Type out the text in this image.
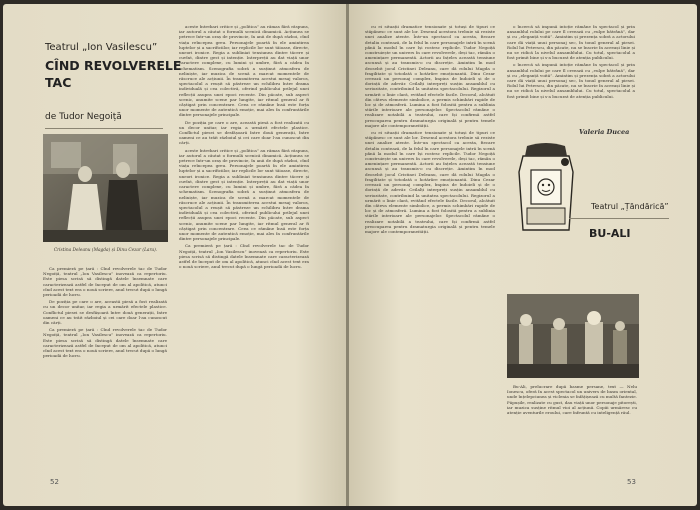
Teatrul „Ion Vasilescu”
CÎND REVOLVERELE
TAC
de Tudor Negoiță
Cristina Deleanu (Magda) și Dinu Cezar (Lara).

Ca premieră pe țară : Cînd revolverele tac de Tudor Negoiță, teatrul „Ion Vasilescu” inovează ca repertoriu. Este piesa scrisă să distingă datele însemnate care caracterizează astfel de început de om al apolitică, atunci cînd acest text era o nouă scriere, anul trecut după o lungă perioadă de lucru.

De poziția pe care o are, această piesă a fost realizată cu un decor unitar, iar regia a urmărit efectele plastice. Conflictul piesei se desfășoară între două generații, între oameni ce au trăit războiul și cei care doar l-au cunoscut din cărți.

Ca premieră pe țară : Cînd revolverele tac de Tudor Negoiță, teatrul „Ion Vasilescu” inovează ca repertoriu. Este piesa scrisă să distingă datele însemnate care caracterizează astfel de început de om al apolitică, atunci cînd acest text era o nouă scriere, anul trecut după o lungă perioadă de lucru.

aceste întrebari critice și „politica” au rămas fără răspuns, iar autorul a căutat o formulă scenică dinamică. Acțiunea se petrece într-un oraș de provincie, în anii de după război, cînd viața reîncepea greu. Personajele poartă în ele amintirea luptelor și a sacrificiilor, iar replicile lor sunt tăioase, directe, uneori ironice. Regia a subliniat tensiunea dintre tăcere și cuvînt, dintre gest și intenție. Interpreții au dat viață unor caractere complexe, cu lumini și umbre, fără a cădea în schematism. Scenografia sobră a susținut atmosfera de neliniște, iar muzica de scenă a marcat momentele de răscruce ale acțiunii. În transmiterea acestui mesaj valoros, spectacolul a reușit să păstreze un echilibru între drama individuală și cea colectivă, oferind publicului prilejul unei reflecții asupra unei epoci recente. Din păcate, sub aspect scenic, anumite scene par lungite, iar ritmul general ar fi câștigat prin concentrare. Ceea ce rămâne însă este forța unor momente de autentică emoție, mai ales în confruntările dintre personajele principale.

De poziția pe care o are, această piesă a fost realizată cu un decor unitar, iar regia a urmărit efectele plastice. Conflictul piesei se desfășoară între două generații, între oameni ce au trăit războiul și cei care doar l-au cunoscut din cărți.

aceste întrebari critice și „politica” au rămas fără răspuns, iar autorul a căutat o formulă scenică dinamică. Acțiunea se petrece într-un oraș de provincie, în anii de după război, cînd viața reîncepea greu. Personajele poartă în ele amintirea luptelor și a sacrificiilor, iar replicile lor sunt tăioase, directe, uneori ironice. Regia a subliniat tensiunea dintre tăcere și cuvînt, dintre gest și intenție. Interpreții au dat viață unor caractere complexe, cu lumini și umbre, fără a cădea în schematism. Scenografia sobră a susținut atmosfera de neliniște, iar muzica de scenă a marcat momentele de răscruce ale acțiunii. În transmiterea acestui mesaj valoros, spectacolul a reușit să păstreze un echilibru între drama individuală și cea colectivă, oferind publicului prilejul unei reflecții asupra unei epoci recente. Din păcate, sub aspect scenic, anumite scene par lungite, iar ritmul general ar fi câștigat prin concentrare. Ceea ce rămâne însă este forța unor momente de autentică emoție, mai ales în confruntările dintre personajele principale.

Ca premieră pe țară : Cînd revolverele tac de Tudor Negoiță, teatrul „Ion Vasilescu” inovează ca repertoriu. Este piesa scrisă să distingă datele însemnate care caracterizează astfel de început de om al apolitică, atunci cînd acest text era o nouă scriere, anul trecut după o lungă perioadă de lucru.

52

cu ei situații dramatice tensionate și totuși de tipuri ce stăpânesc ce sunt ale lor. Desenul acestora trebuie să reziste unei analize atente. Într-un spectacol ca acesta, fiecare detaliu contează, de la felul în care personajele intră în scenă până la modul în care își rostesc replicile. Tudor Negoiță construiește un univers în care revolverele, deși tac, rămân o amenințare permanentă. Actorii au înțeles această tensiune ascunsă și au transmis-o cu discreție. Amintim în mod deosebit jocul Cristinei Deleanu, care dă rolului Magda o fragilitate și totodată o hotărâre emoționantă. Dinu Cezar creează un personaj complex, împins de îndoieli și de o dorință de adevăr. Ceilalți interpreți susțin ansamblul cu seriozitate, contribuind la unitatea spectacolului. Regizorul a urmărit o linie clară, evitând efectele facile. Decorul, alcătuit din câteva elemente simbolice, a permis schimbări rapide de loc și de atmosferă. Lumina a fost folosită pentru a sublinia stările interioare ale personajelor. Spectacolul rămâne o realizare notabilă a teatrului, care își confirmă astfel preocuparea pentru dramaturgia originală și pentru temele majore ale contemporaneității.

cu ei situații dramatice tensionate și totuși de tipuri ce stăpânesc ce sunt ale lor. Desenul acestora trebuie să reziste unei analize atente. Într-un spectacol ca acesta, fiecare detaliu contează, de la felul în care personajele intră în scenă până la modul în care își rostesc replicile. Tudor Negoiță construiește un univers în care revolverele, deși tac, rămân o amenințare permanentă. Actorii au înțeles această tensiune ascunsă și au transmis-o cu discreție. Amintim în mod deosebit jocul Cristinei Deleanu, care dă rolului Magda o fragilitate și totodată o hotărâre emoționantă. Dinu Cezar creează un personaj complex, împins de îndoieli și de o dorință de adevăr. Ceilalți interpreți susțin ansamblul cu seriozitate, contribuind la unitatea spectacolului. Regizorul a urmărit o linie clară, evitând efectele facile. Decorul, alcătuit din câteva elemente simbolice, a permis schimbări rapide de loc și de atmosferă. Lumina a fost folosită pentru a sublinia stările interioare ale personajelor. Spectacolul rămâne o realizare notabilă a teatrului, care își confirmă astfel preocuparea pentru dramaturgia originală și pentru temele majore ale contemporaneității.

o încercă să impună intoție rămâne în spectacol și prin ansamblul rolului pe care îl creează cu „vulpe bătrână”, dar și cu „eleganță voită”. Amintim și prezența sobră a actorului care dă viață unui personaj sec, în tonul general al piesei. Rolul lui Petrescu, din păcate, nu se înscrie în aceeași linie și nu se ridică la nivelul ansamblului. Cu totul, spectacolul a fost primit bine și s-a bucurat de atenția publicului.

o încercă să impună intoție rămâne în spectacol și prin ansamblul rolului pe care îl creează cu „vulpe bătrână”, dar și cu „eleganță voită”. Amintim și prezența sobră a actorului care dă viață unui personaj sec, în tonul general al piesei. Rolul lui Petrescu, din păcate, nu se înscrie în aceeași linie și nu se ridică la nivelul ansamblului. Cu totul, spectacolul a fost primit bine și s-a bucurat de atenția publicului.

Valeria Ducea
Teatrul „Țăndărică”
BU-ALI

Bu-Ali, prelucrare după basme persane, text — Nelu Ionescu, oferă în acest spectacol un univers de basm oriental, unde înțelepciunea și viclenia se înfățișează cu multă fantezie. Păpușile, realizate cu gust, dau viață unor personaje pitorești, iar muzica susține ritmul vioi al acțiunii. Copiii urmăresc cu atenție aventurile eroului, care înfruntă cu inteligență răul.

53
